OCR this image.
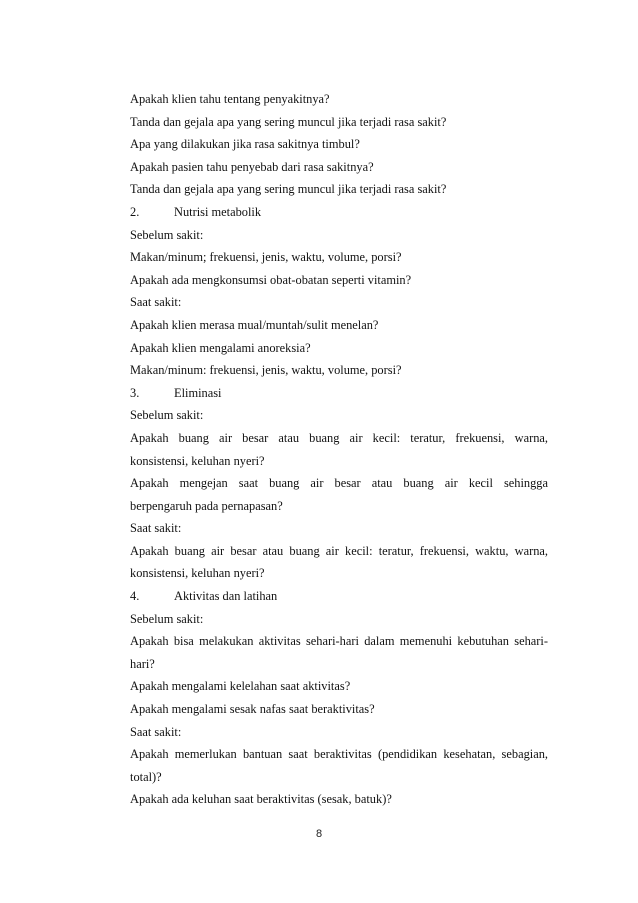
Apakah klien tahu tentang penyakitnya?
Tanda dan gejala apa yang sering muncul jika terjadi rasa sakit?
Apa yang dilakukan jika rasa sakitnya timbul?
Apakah pasien tahu penyebab dari rasa sakitnya?
Tanda dan gejala apa yang sering muncul jika terjadi rasa sakit?
2.	Nutrisi metabolik
Sebelum sakit:
Makan/minum; frekuensi, jenis, waktu, volume, porsi?
Apakah ada mengkonsumsi obat-obatan seperti vitamin?
Saat sakit:
Apakah klien merasa mual/muntah/sulit menelan?
Apakah klien mengalami anoreksia?
Makan/minum: frekuensi, jenis, waktu, volume, porsi?
3.	Eliminasi
Sebelum sakit:
Apakah buang air besar atau buang air kecil: teratur, frekuensi, warna,
konsistensi, keluhan nyeri?
Apakah mengejan saat buang air besar atau buang air kecil sehingga
berpengaruh pada pernapasan?
Saat sakit:
Apakah buang air besar atau buang air kecil: teratur, frekuensi, waktu, warna,
konsistensi, keluhan nyeri?
4.	Aktivitas dan latihan
Sebelum sakit:
Apakah bisa melakukan aktivitas sehari-hari dalam memenuhi kebutuhan sehari-
hari?
Apakah mengalami kelelahan saat aktivitas?
Apakah mengalami sesak nafas saat beraktivitas?
Saat sakit:
Apakah memerlukan bantuan saat beraktivitas (pendidikan kesehatan, sebagian,
total)?
Apakah ada keluhan saat beraktivitas (sesak, batuk)?
8
